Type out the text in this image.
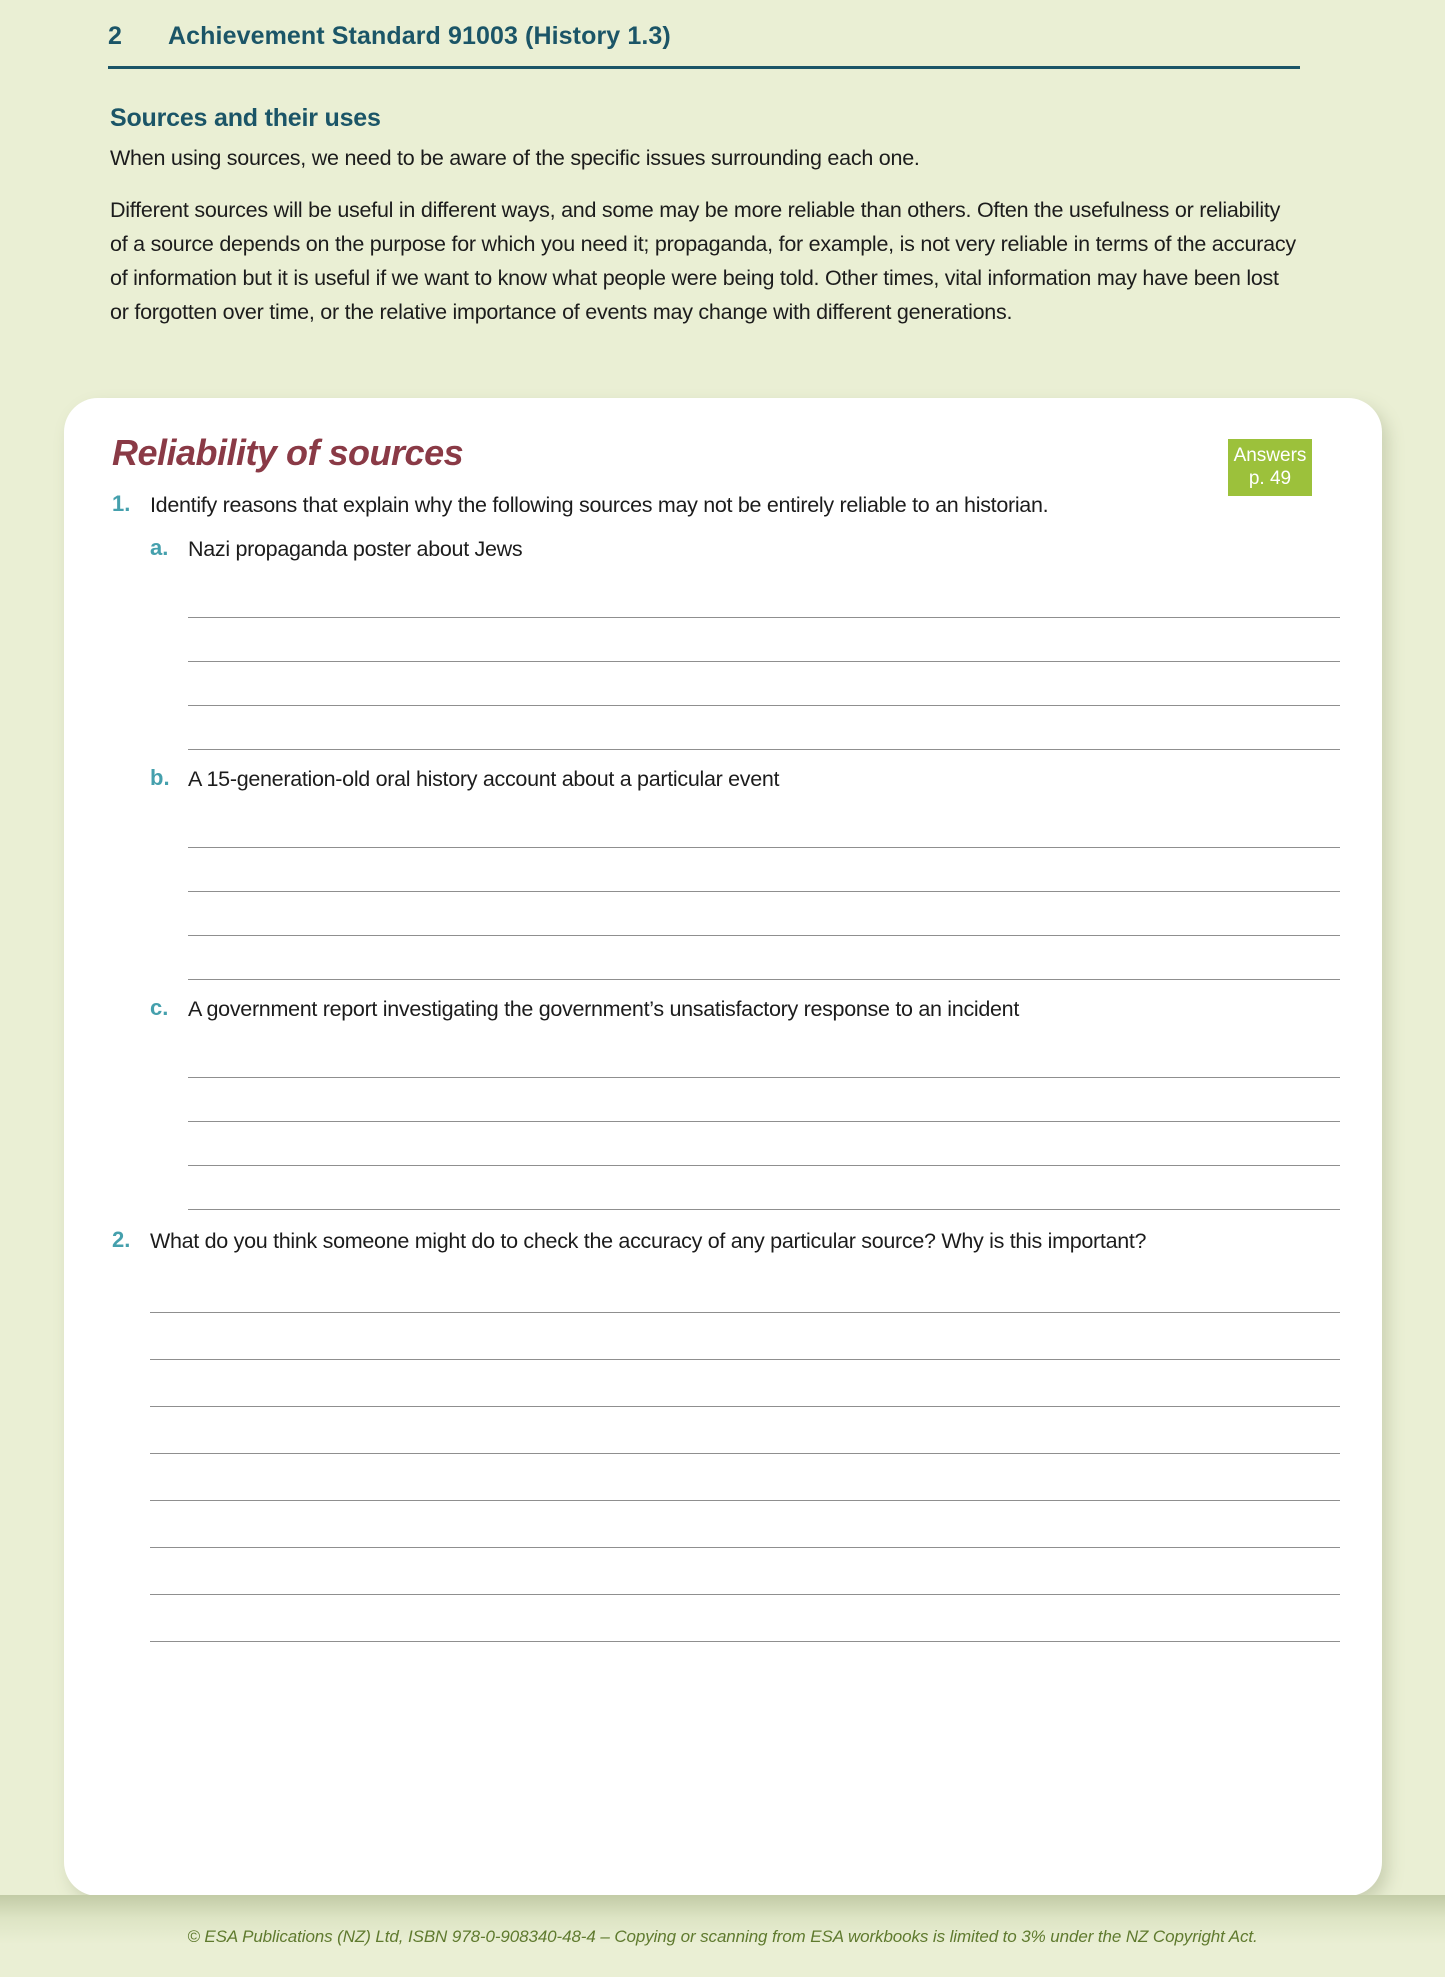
2	Achievement Standard 91003 (History 1.3)
Sources and their uses

When using sources, we need to be aware of the specific issues surrounding each one.

Different sources will be useful in different ways, and some may be more reliable than others. Often the usefulness or reliability of a source depends on the purpose for which you need it; propaganda, for example, is not very reliable in terms of the accuracy of information but it is useful if we want to know what people were being told. Other times, vital information may have been lost or forgotten over time, or the relative importance of events may change with different generations.

Answers
p. 49
Reliability of sources
1. Identify reasons that explain why the following sources may not be entirely reliable to an historian.
a. Nazi propaganda poster about Jews
b. A 15-generation-old oral history account about a particular event
c. A government report investigating the government’s unsatisfactory response to an incident
2. What do you think someone might do to check the accuracy of any particular source? Why is this important?
© ESA Publications (NZ) Ltd, ISBN 978-0-908340-48-4 – Copying or scanning from ESA workbooks is limited to 3% under the NZ Copyright Act.
